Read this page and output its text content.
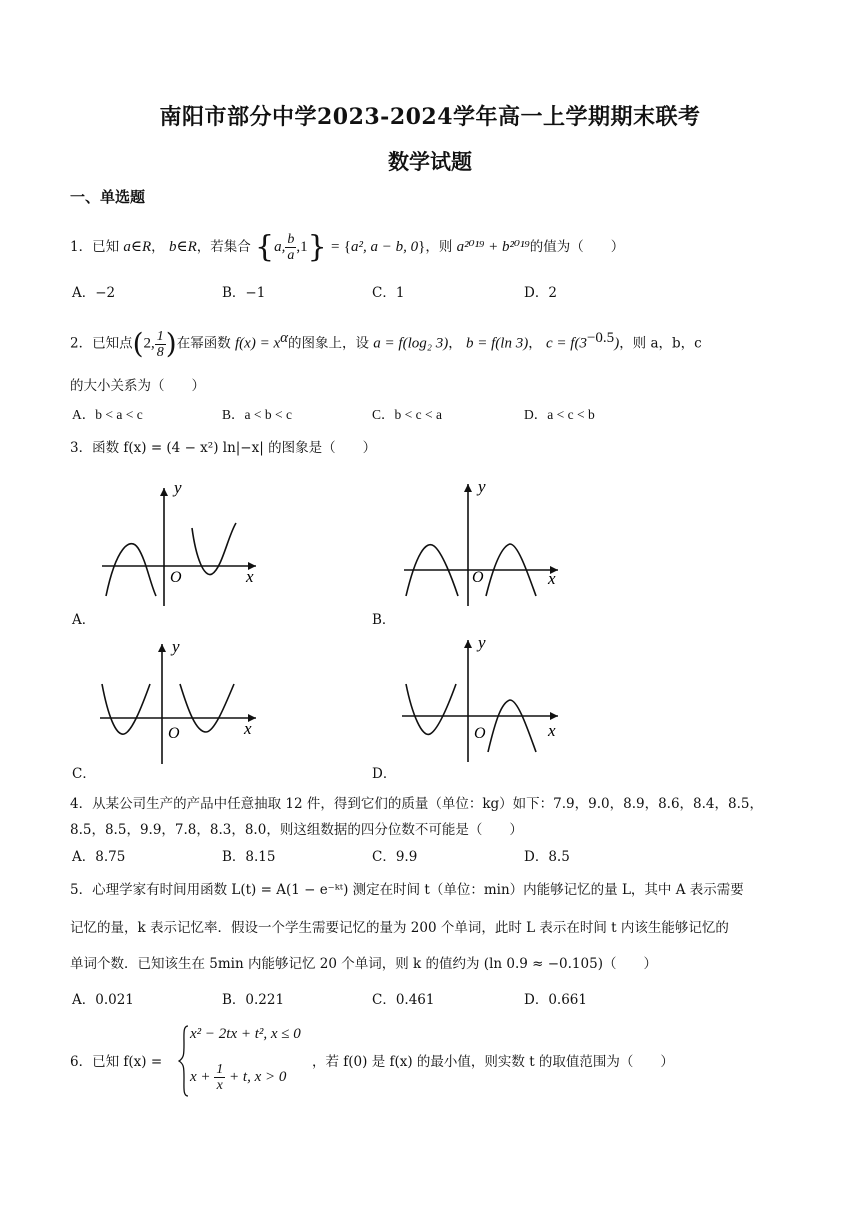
南阳市部分中学2023-2024学年高一上学期期末联考
数学试题
一、单选题
1．已知 a∈R， b∈R，若集合 {a, $\frac{b}{a} ,1\} = \{a^2$, a − b, 0}，则 a²⁰¹⁹ + b²⁰¹⁹的值为（　　）
A．−2	B．−1	C．1	D．2
2．已知点(2, $\frac{1}{8}$ )在幂函数 $f(x) = x^\alpha$的图象上，设 a = f(log₂ 3)， b = f(ln 3)， $c = f(3^{-0.5})$，则 a，b，c
的大小关系为（　　）
A．b < a < c	B．a < b < c	C．b < c < a	D．a < c < b
3．函数 f(x) = (4 − x²) ln|−x| 的图象是（　　）
y
x
O
A．
y
x
O
B．
y
x
O
C．
y
x
O
D．
4．从某公司生产的产品中任意抽取 12 件，得到它们的质量（单位：kg）如下：7.9，9.0，8.9，8.6，8.4，8.5，
8.5，8.5，9.9，7.8，8.3，8.0，则这组数据的四分位数不可能是（　　）
A．8.75	B．8.15	C．9.9	D．8.5
5．心理学家有时间用函数 L(t) = A(1 − e⁻ᵏᵗ) 测定在时间 t（单位：min）内能够记忆的量 L，其中 A 表示需要
记忆的量，k 表示记忆率．假设一个学生需要记忆的量为 200 个单词，此时 L 表示在时间 t 内该生能够记忆的
单词个数．已知该生在 5min 内能够记忆 20 个单词，则 k 的值约为 (ln 0.9 ≈ −0.105)（　　）
A．0.021	B．0.221	C．0.461	D．0.661
6．已知 f(x) =
x² − 2tx + t², x ≤ 0
$x + \frac{1}{x} + t$, x > 0
，若 f(0) 是 f(x) 的最小值，则实数 t 的取值范围为（　　）
